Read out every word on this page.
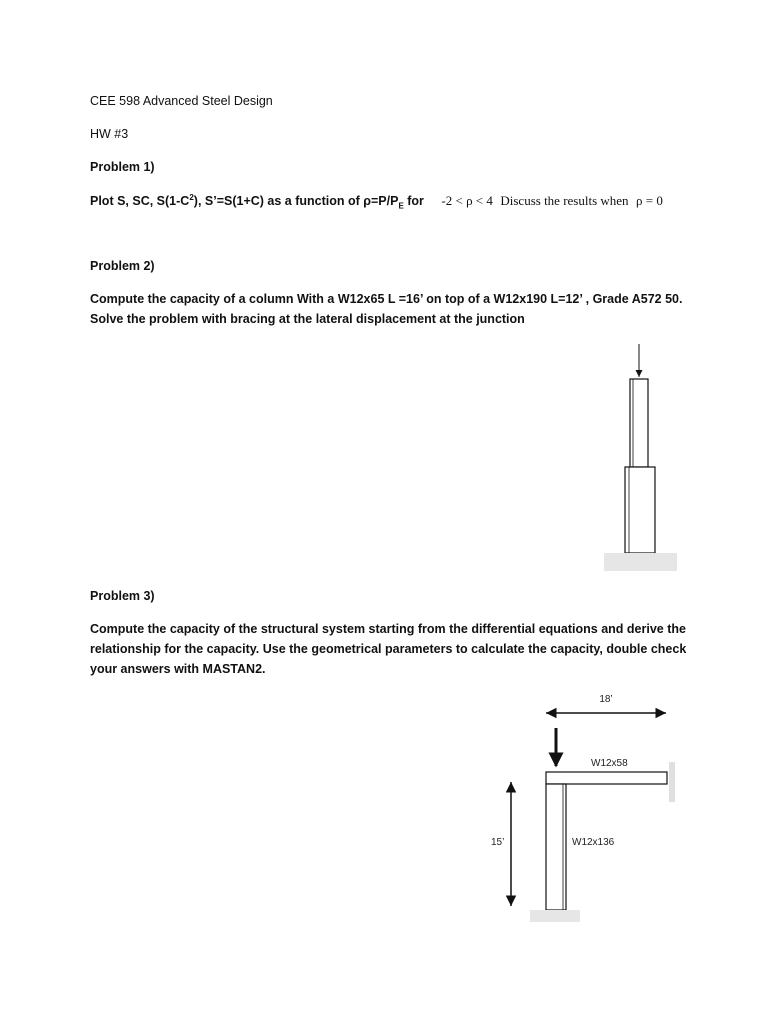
CEE 598 Advanced Steel Design
HW #3
Problem 1)
Plot S, SC, $S(1-C^2)$, S’=S(1+C) as a function of $\rho=P/P_E$ for -2 < ρ < 4 Discuss the results when ρ = 0
Problem 2)
Compute the capacity of a column With a W12x65 L =16’ on top of a W12x190 L=12’ , Grade A572 50.
Solve the problem with bracing at the lateral displacement at the junction
Problem 3)
Compute the capacity of the structural system starting from the differential equations and derive the
relationship for the capacity. Use the geometrical parameters to calculate the capacity, double check
your answers with MASTAN2.
18’
W12x58
W12x136
15’
